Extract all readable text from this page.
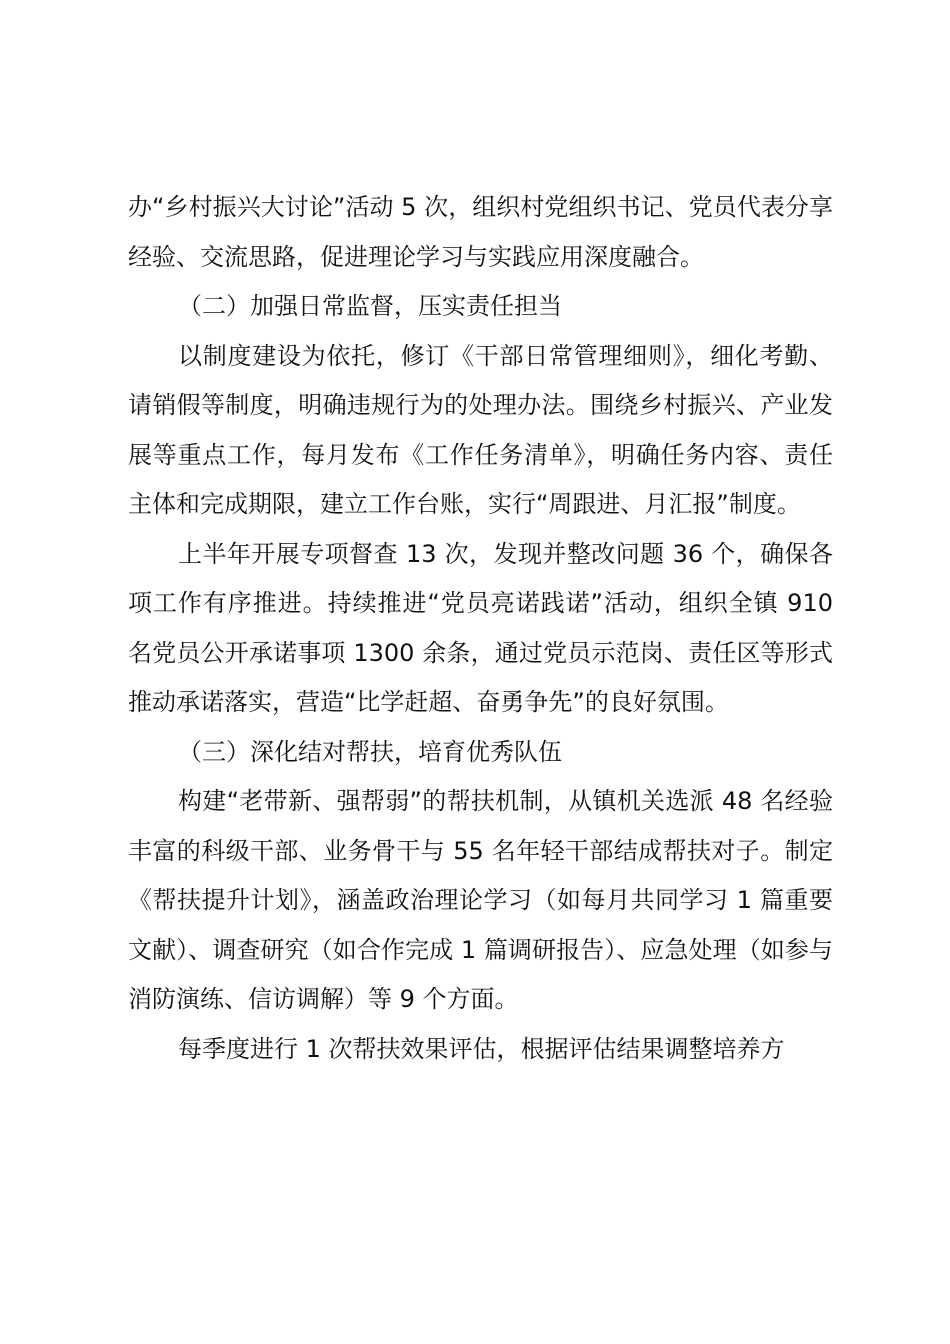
办“乡村振兴大讨论”活动 5 次，组织村党组织书记、党员代表分享经验、交流思路，促进理论学习与实践应用深度融合。

（二）加强日常监督，压实责任担当

以制度建设为依托，修订《干部日常管理细则》，细化考勤、请销假等制度，明确违规行为的处理办法。围绕乡村振兴、产业发展等重点工作，每月发布《工作任务清单》，明确任务内容、责任主体和完成期限，建立工作台账，实行“周跟进、月汇报”制度。

上半年开展专项督查 13 次，发现并整改问题 36 个，确保各项工作有序推进。持续推进“党员亮诺践诺”活动，组织全镇 910 名党员公开承诺事项 1300 余条，通过党员示范岗、责任区等形式推动承诺落实，营造“比学赶超、奋勇争先”的良好氛围。

（三）深化结对帮扶，培育优秀队伍

构建“老带新、强帮弱”的帮扶机制，从镇机关选派 48 名经验丰富的科级干部、业务骨干与 55 名年轻干部结成帮扶对子。制定《帮扶提升计划》，涵盖政治理论学习（如每月共同学习 1 篇重要文献）、调查研究（如合作完成 1 篇调研报告）、应急处理（如参与消防演练、信访调解）等 9 个方面。

每季度进行 1 次帮扶效果评估，根据评估结果调整培养方
